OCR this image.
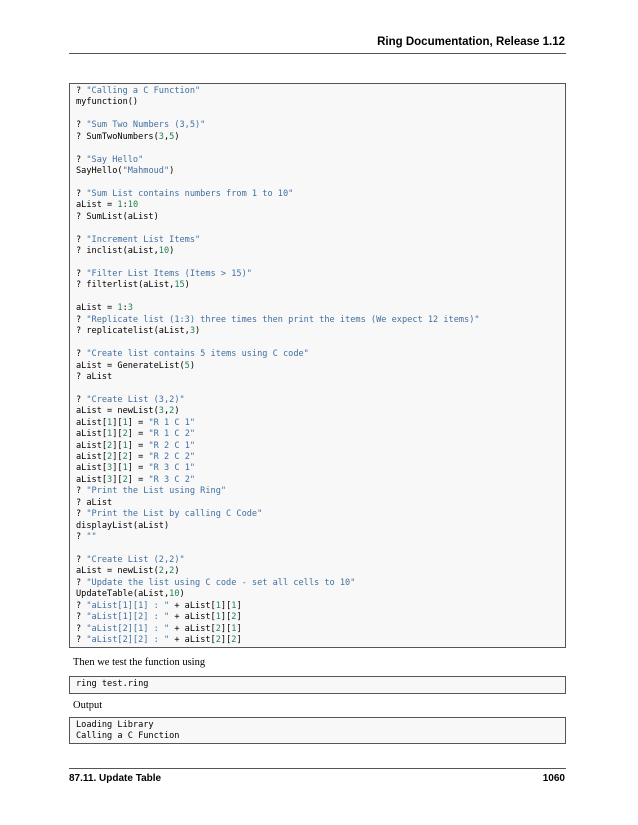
Ring Documentation, Release 1.12
? "Calling a C Function"
myfunction()

? "Sum Two Numbers (3,5)"
? SumTwoNumbers(3,5)

? "Say Hello"
SayHello("Mahmoud")

? "Sum List contains numbers from 1 to 10"
aList = 1:10
? SumList(aList)

? "Increment List Items"
? inclist(aList,10)

? "Filter List Items (Items > 15)"
? filterlist(aList,15)

aList = 1:3
? "Replicate list (1:3) three times then print the items (We expect 12 items)"
? replicatelist(aList,3)

? "Create list contains 5 items using C code"
aList = GenerateList(5)
? aList

? "Create List (3,2)"
aList = newList(3,2)
aList[1][1] = "R 1 C 1"
aList[1][2] = "R 1 C 2"
aList[2][1] = "R 2 C 1"
aList[2][2] = "R 2 C 2"
aList[3][1] = "R 3 C 1"
aList[3][2] = "R 3 C 2"
? "Print the List using Ring"
? aList
? "Print the List by calling C Code"
displayList(aList)
? ""

? "Create List (2,2)"
aList = newList(2,2)
? "Update the list using C code - set all cells to 10"
UpdateTable(aList,10)
? "aList[1][1] : " + aList[1][1]
? "aList[1][2] : " + aList[1][2]
? "aList[2][1] : " + aList[2][1]
? "aList[2][2] : " + aList[2][2]
Then we test the function using
ring test.ring
Output
Loading Library
Calling a C Function
87.11. Update Table	1060
